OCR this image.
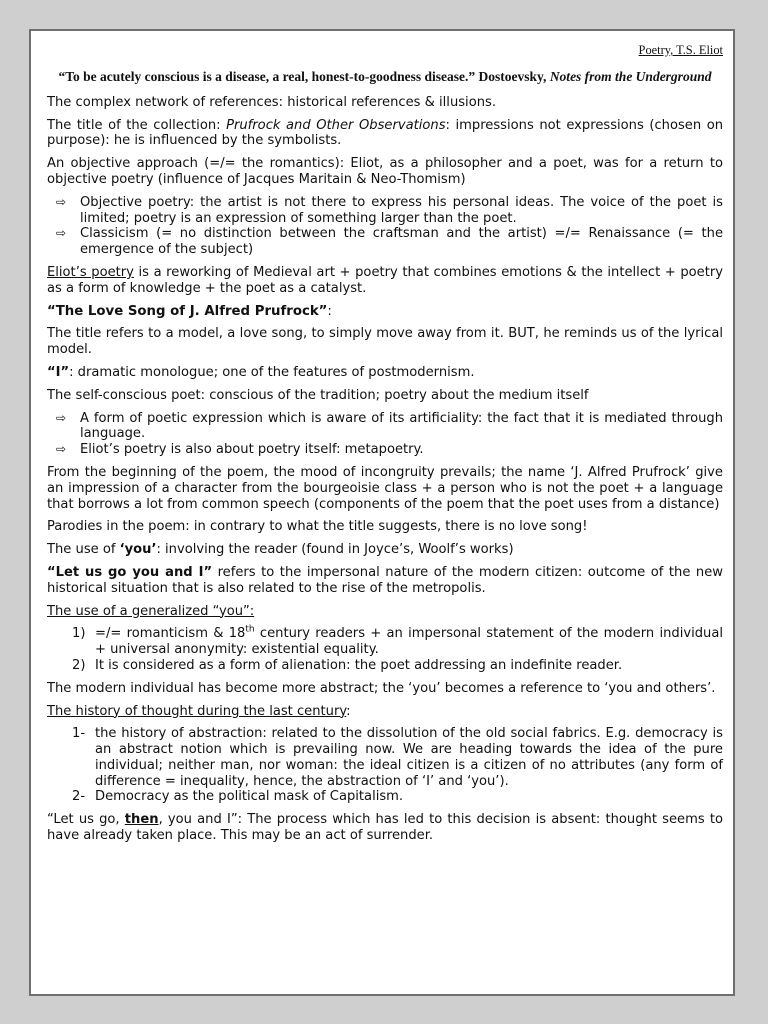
Poetry, T.S. Eliot
“To be acutely conscious is a disease, a real, honest-to-goodness disease.” Dostoevsky, Notes from the Underground

The complex network of references: historical references & illusions.

The title of the collection: Prufrock and Other Observations: impressions not expressions (chosen on purpose): he is influenced by the symbolists.

An objective approach (=/= the romantics): Eliot, as a philosopher and a poet, was for a return to objective poetry (influence of Jacques Maritain & Neo-Thomism)

⇨ Objective poetry: the artist is not there to express his personal ideas. The voice of the poet is limited; poetry is an expression of something larger than the poet.
⇨ Classicism (= no distinction between the craftsman and the artist) =/= Renaissance (= the emergence of the subject)

Eliot’s poetry is a reworking of Medieval art + poetry that combines emotions & the intellect + poetry as a form of knowledge + the poet as a catalyst.

“The Love Song of J. Alfred Prufrock”:

The title refers to a model, a love song, to simply move away from it. BUT, he reminds us of the lyrical model.

“I”: dramatic monologue; one of the features of postmodernism.

The self-conscious poet: conscious of the tradition; poetry about the medium itself

⇨ A form of poetic expression which is aware of its artificiality: the fact that it is mediated through language.
⇨ Eliot’s poetry is also about poetry itself: metapoetry.

From the beginning of the poem, the mood of incongruity prevails; the name ‘J. Alfred Prufrock’ give an impression of a character from the bourgeoisie class + a person who is not the poet + a language that borrows a lot from common speech (components of the poem that the poet uses from a distance)

Parodies in the poem: in contrary to what the title suggests, there is no love song!

The use of ‘you’: involving the reader (found in Joyce’s, Woolf’s works)

“Let us go you and I” refers to the impersonal nature of the modern citizen: outcome of the new historical situation that is also related to the rise of the metropolis.

The use of a generalized “you”:

1) =/= romanticism & 18th century readers + an impersonal statement of the modern individual + universal anonymity: existential equality.
2) It is considered as a form of alienation: the poet addressing an indefinite reader.

The modern individual has become more abstract; the ‘you’ becomes a reference to ‘you and others’.

The history of thought during the last century:

1- the history of abstraction: related to the dissolution of the old social fabrics. E.g. democracy is an abstract notion which is prevailing now. We are heading towards the idea of the pure individual; neither man, nor woman: the ideal citizen is a citizen of no attributes (any form of difference = inequality, hence, the abstraction of ‘I’ and ‘you’).
2- Democracy as the political mask of Capitalism.

“Let us go, then, you and I”: The process which has led to this decision is absent: thought seems to have already taken place. This may be an act of surrender.
